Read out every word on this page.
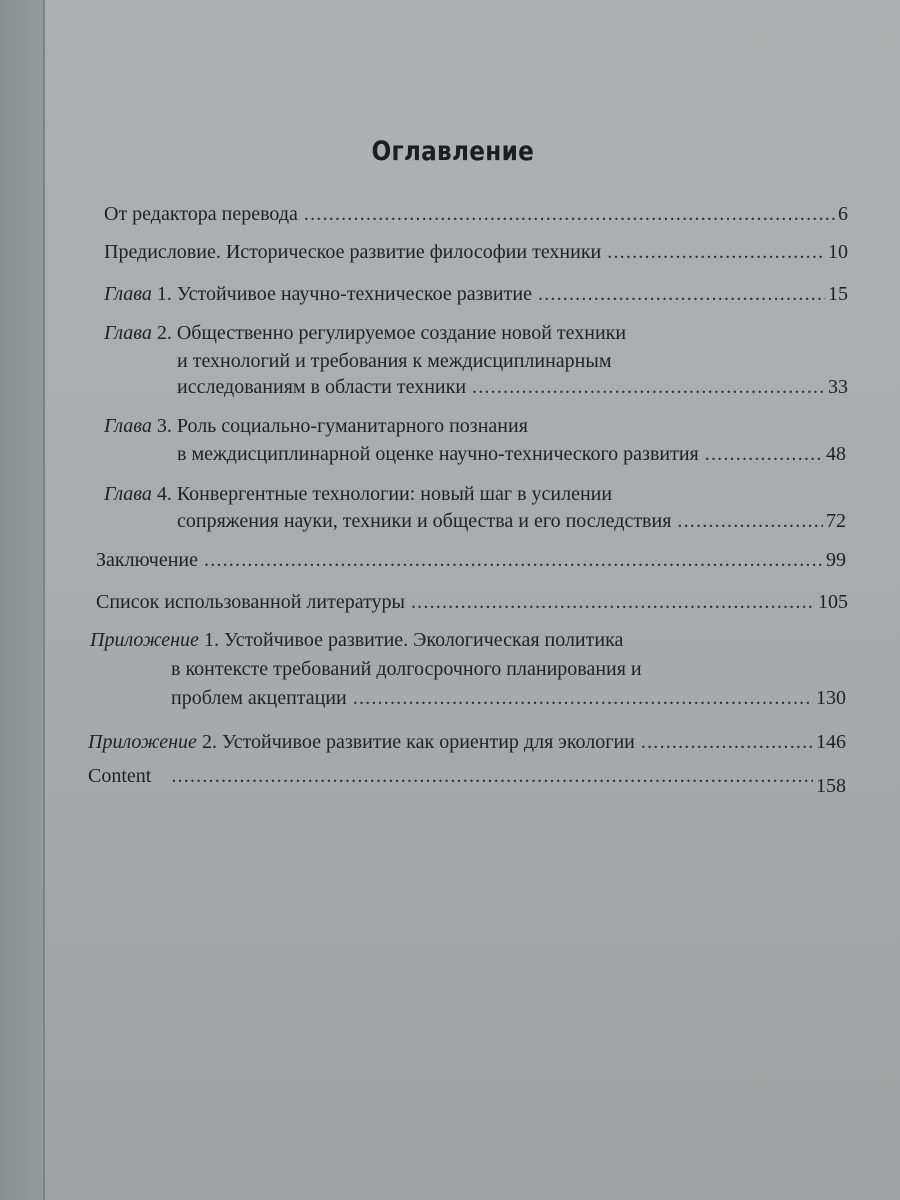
Оглавление
От редактора перевода .....	6
Предисловие. Историческое развитие философии техники .....	10
Глава 1. Устойчивое научно-техническое развитие .....	15
Глава 2. Общественно регулируемое создание новой техники
и технологий и требования к междисциплинарным
исследованиям в области техники .....	33
Глава 3. Роль социально-гуманитарного познания
в междисциплинарной оценке научно-технического развития .....	48
Глава 4. Конвергентные технологии: новый шаг в усилении
сопряжения науки, техники и общества и его последствия .....	72
Заключение .....	99
Список использованной литературы .....	105
Приложение 1. Устойчивое развитие. Экологическая политика
в контексте требований долгосрочного планирования и
проблем акцептации .....	130
Приложение 2. Устойчивое развитие как ориентир для экологии .....	146
Content .....	158
